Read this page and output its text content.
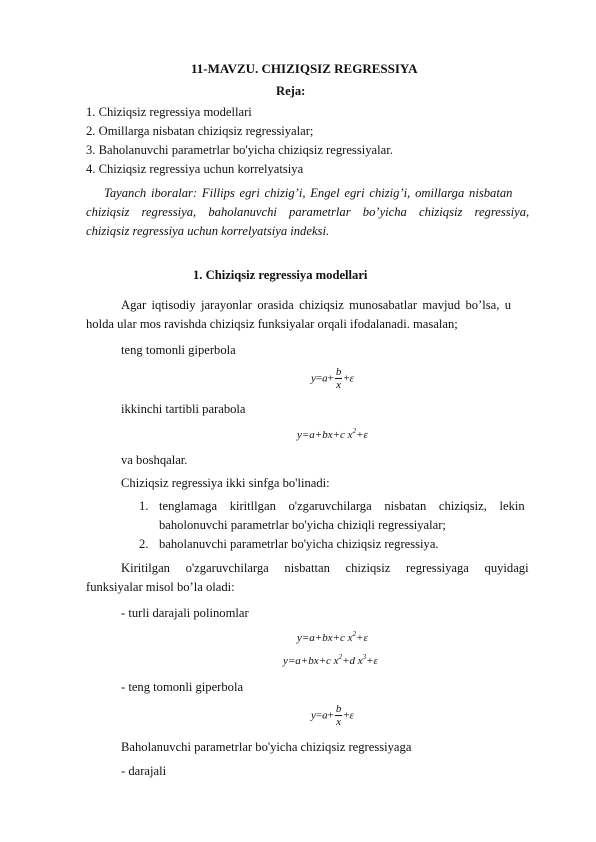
11-MAVZU. CHIZIQSIZ REGRESSIYA
Reja:
1. Chiziqsiz regressiya modellari
2. Omillarga nisbatan chiziqsiz regressiyalar;
3. Baholanuvchi parametrlar bo'yicha chiziqsiz regressiyalar.
4. Chiziqsiz regressiya uchun korrelyatsiya
Tayanch iboralar: Fillips egri chizig’i, Engel egri chizig’i, omillarga nisbatan
chiziqsiz regressiya, baholanuvchi parametrlar bo’yicha chiziqsiz regressiya,
chiziqsiz regressiya uchun korrelyatsiya indeksi.
1. Chiziqsiz regressiya modellari
Agar iqtisodiy jarayonlar orasida chiziqsiz munosabatlar mavjud bo’lsa, u
holda ular mos ravishda chiziqsiz funksiyalar orqali ifodalanadi. masalan;
teng tomonli giperbola
$y=a+ \frac{b}{x} +\varepsilon$
ikkinchi tartibli parabola
y=a+bx+c $x^2+\varepsilon$
va boshqalar.
Chiziqsiz regressiya ikki sinfga bo'linadi:
1. tenglamaga kiritllgan o'zgaruvchilarga nisbatan chiziqsiz, lekin
baholonuvchi parametrlar bo'yicha chiziqli regressiyalar;
2. baholanuvchi parametrlar bo'yicha chiziqsiz regressiya.
Kiritilgan o'zgaruvchilarga nisbattan chiziqsiz regressiyaga quyidagi
funksiyalar misol bo’la oladi:
- turli darajali polinomlar
y=a+bx+c $x^2+\varepsilon$
y=a+bx+c $x^2+d$ $x^3+\varepsilon$
- teng tomonli giperbola
$y=a+ \frac{b}{x} +\varepsilon$
Baholanuvchi parametrlar bo'yicha chiziqsiz regressiyaga
- darajali
